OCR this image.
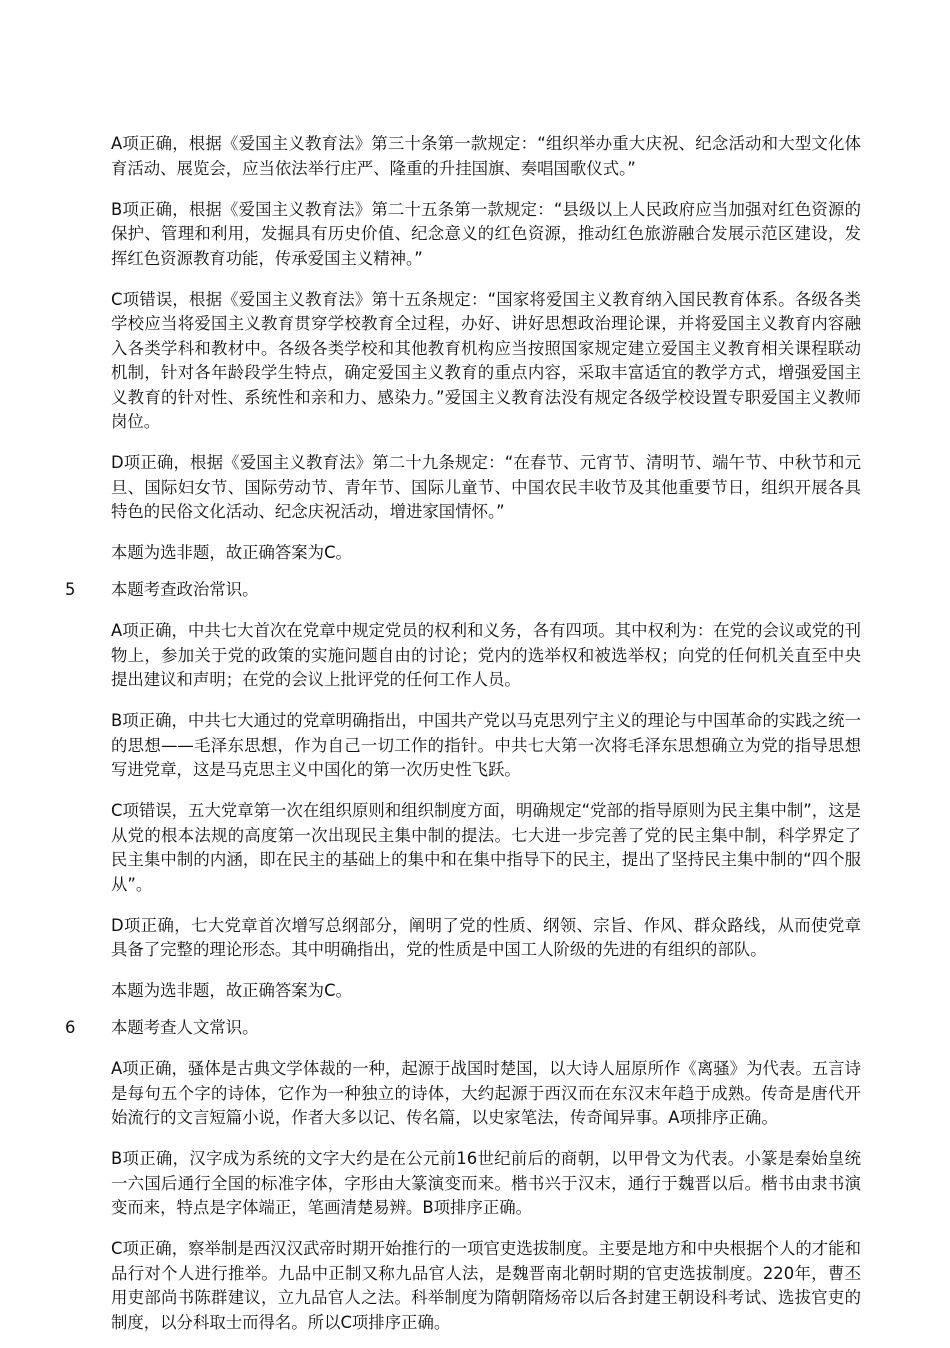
A项正确，根据《爱国主义教育法》第三十条第一款规定：“组织举办重大庆祝、纪念活动和大型文化体育活动、展览会，应当依法举行庄严、隆重的升挂国旗、奏唱国歌仪式。”

B项正确，根据《爱国主义教育法》第二十五条第一款规定：“县级以上人民政府应当加强对红色资源的保护、管理和利用，发掘具有历史价值、纪念意义的红色资源，推动红色旅游融合发展示范区建设，发挥红色资源教育功能，传承爱国主义精神。”

C项错误，根据《爱国主义教育法》第十五条规定：“国家将爱国主义教育纳入国民教育体系。各级各类学校应当将爱国主义教育贯穿学校教育全过程，办好、讲好思想政治理论课，并将爱国主义教育内容融入各类学科和教材中。各级各类学校和其他教育机构应当按照国家规定建立爱国主义教育相关课程联动机制，针对各年龄段学生特点，确定爱国主义教育的重点内容，采取丰富适宜的教学方式，增强爱国主义教育的针对性、系统性和亲和力、感染力。”爱国主义教育法没有规定各级学校设置专职爱国主义教师岗位。

D项正确，根据《爱国主义教育法》第二十九条规定：“在春节、元宵节、清明节、端午节、中秋节和元旦、国际妇女节、国际劳动节、青年节、国际儿童节、中国农民丰收节及其他重要节日，组织开展各具特色的民俗文化活动、纪念庆祝活动，增进家国情怀。”

本题为选非题，故正确答案为C。

5	本题考查政治常识。

A项正确，中共七大首次在党章中规定党员的权利和义务，各有四项。其中权利为：在党的会议或党的刊物上，参加关于党的政策的实施问题自由的讨论；党内的选举权和被选举权；向党的任何机关直至中央提出建议和声明；在党的会议上批评党的任何工作人员。

B项正确，中共七大通过的党章明确指出，中国共产党以马克思列宁主义的理论与中国革命的实践之统一的思想——毛泽东思想，作为自己一切工作的指针。中共七大第一次将毛泽东思想确立为党的指导思想写进党章，这是马克思主义中国化的第一次历史性飞跃。

C项错误，五大党章第一次在组织原则和组织制度方面，明确规定“党部的指导原则为民主集中制”，这是从党的根本法规的高度第一次出现民主集中制的提法。七大进一步完善了党的民主集中制，科学界定了民主集中制的内涵，即在民主的基础上的集中和在集中指导下的民主，提出了坚持民主集中制的“四个服从”。

D项正确，七大党章首次增写总纲部分，阐明了党的性质、纲领、宗旨、作风、群众路线，从而使党章具备了完整的理论形态。其中明确指出，党的性质是中国工人阶级的先进的有组织的部队。

本题为选非题，故正确答案为C。

6	本题考查人文常识。

A项正确，骚体是古典文学体裁的一种，起源于战国时楚国，以大诗人屈原所作《离骚》为代表。五言诗是每句五个字的诗体，它作为一种独立的诗体，大约起源于西汉而在东汉末年趋于成熟。传奇是唐代开始流行的文言短篇小说，作者大多以记、传名篇，以史家笔法，传奇闻异事。A项排序正确。

B项正确，汉字成为系统的文字大约是在公元前16世纪前后的商朝，以甲骨文为代表。小篆是秦始皇统一六国后通行全国的标准字体，字形由大篆演变而来。楷书兴于汉末，通行于魏晋以后。楷书由隶书演变而来，特点是字体端正，笔画清楚易辨。B项排序正确。

C项正确，察举制是西汉汉武帝时期开始推行的一项官吏选拔制度。主要是地方和中央根据个人的才能和品行对个人进行推举。九品中正制又称九品官人法，是魏晋南北朝时期的官吏选拔制度。220年，曹丕用吏部尚书陈群建议，立九品官人之法。科举制度为隋朝隋炀帝以后各封建王朝设科考试、选拔官吏的制度，以分科取士而得名。所以C项排序正确。
